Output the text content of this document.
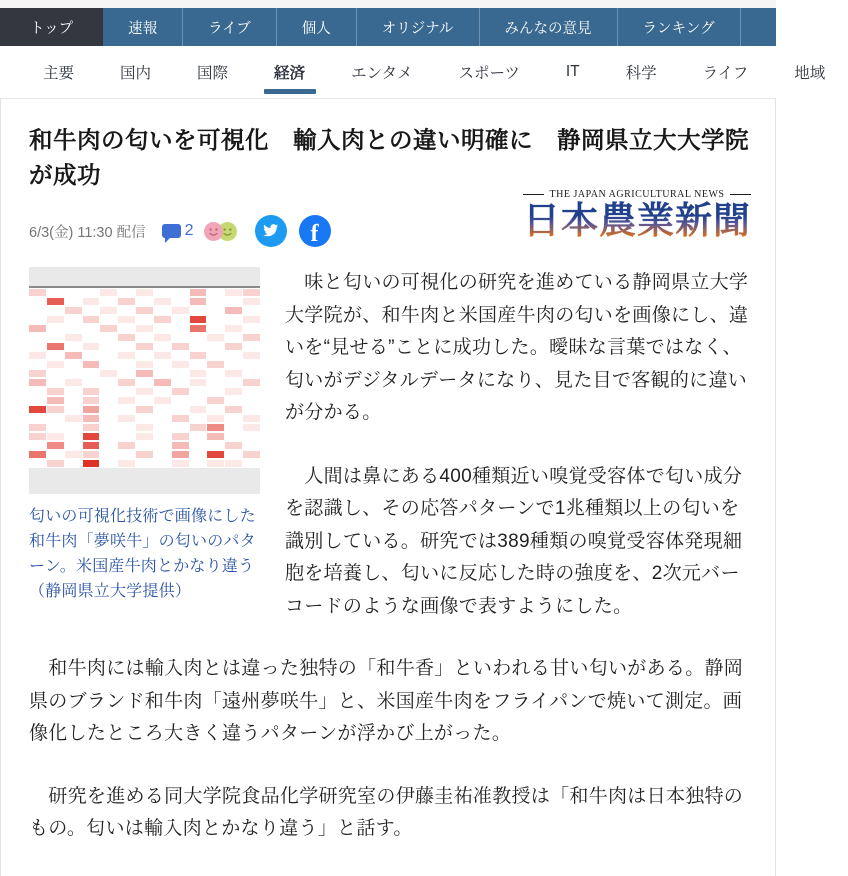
トップ	速報	ライブ	個人	オリジナル	みんなの意見	ランキング
主要	国内	国際	経済	エンタメ	スポーツ	IT	科学	ライフ	地域
和牛肉の匂いを可視化　輸入肉との違い明確に　静岡県立大大学院が成功
6/3(金) 11:30 配信 2	f
THE JAPAN AGRICULTURAL NEWS
日本農業新聞
匂いの可視化技術で画像にした和牛肉「夢咲牛」の匂いのパターン。米国産牛肉とかなり違う（静岡県立大学提供）

　味と匂いの可視化の研究を進めている静岡県立大学大学院が、和牛肉と米国産牛肉の匂いを画像にし、違いを“見せる”ことに成功した。曖昧な言葉ではなく、匂いがデジタルデータになり、見た目で客観的に違いが分かる。

　人間は鼻にある400種類近い嗅覚受容体で匂い成分を認識し、その応答パターンで1兆種類以上の匂いを識別している。研究では389種類の嗅覚受容体発現細胞を培養し、匂いに反応した時の強度を、2次元バーコードのような画像で表すようにした。

　和牛肉には輸入肉とは違った独特の「和牛香」といわれる甘い匂いがある。静岡県のブランド和牛肉「遠州夢咲牛」と、米国産牛肉をフライパンで焼いて測定。画像化したところ大きく違うパターンが浮かび上がった。

　研究を進める同大学院食品化学研究室の伊藤圭祐准教授は「和牛肉は日本独特のもの。匂いは輸入肉とかなり違う」と話す。
